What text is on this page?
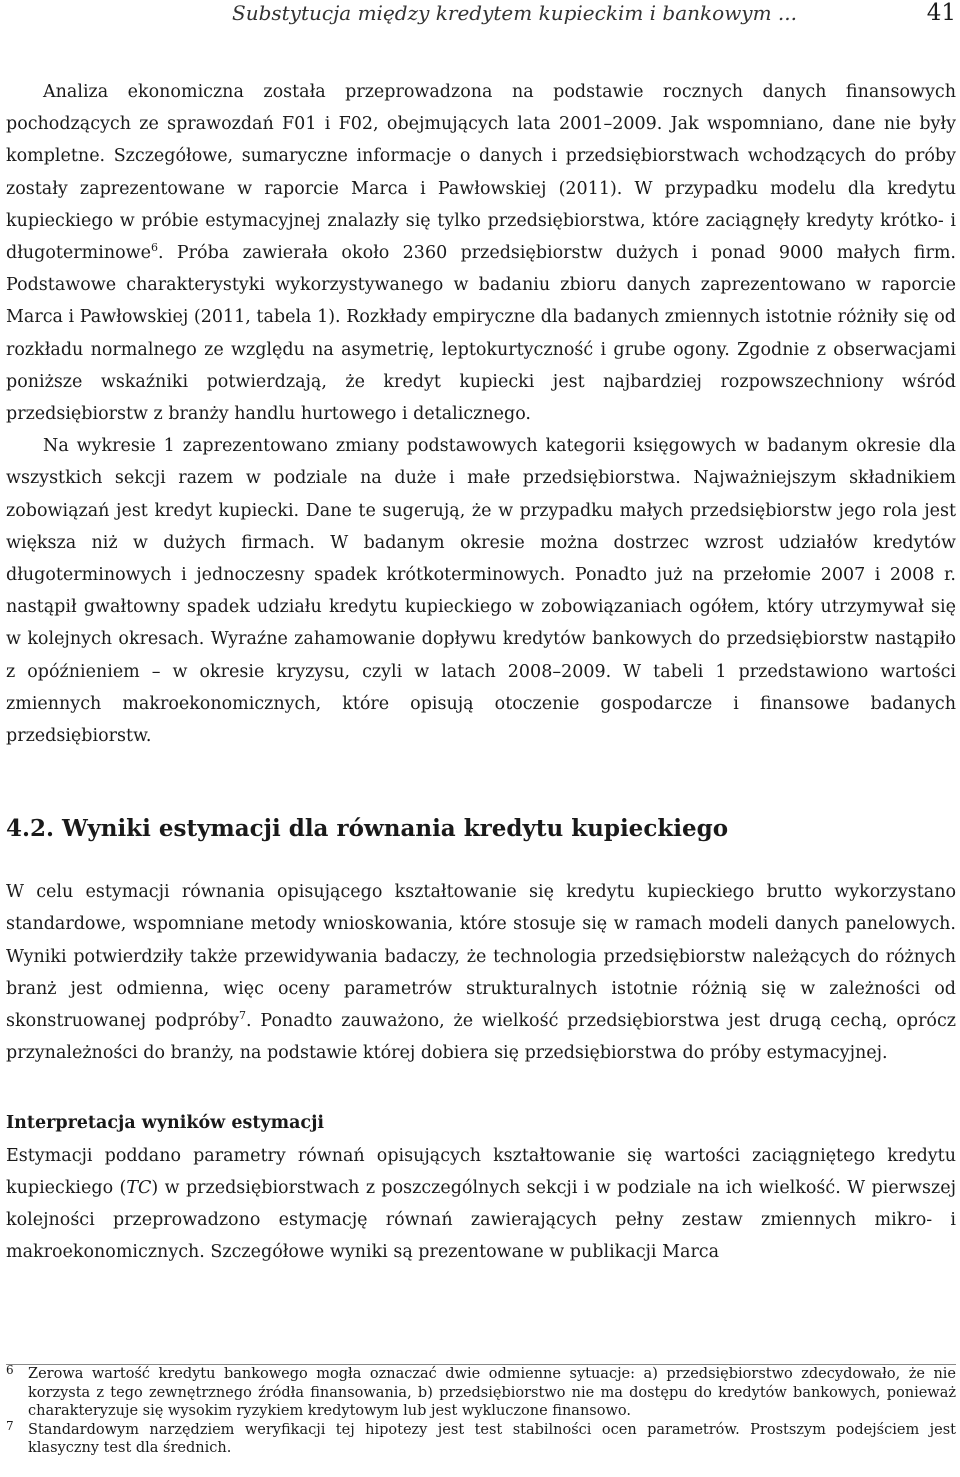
Substytucja między kredytem kupieckim i bankowym ...	41

Analiza ekonomiczna została przeprowadzona na podstawie rocznych danych finansowych pochodzących ze sprawozdań F01 i F02, obejmujących lata 2001–2009. Jak wspomniano, dane nie były kompletne. Szczegółowe, sumaryczne informacje o danych i przedsiębiorstwach wchodzących do próby zostały zaprezentowane w raporcie Marca i Pawłowskiej (2011). W przypadku modelu dla kredytu kupieckiego w próbie estymacyjnej znalazły się tylko przedsiębiorstwa, które zaciągnęły kredyty krótko- i długoterminowe$^6$. Próba zawierała około 2360 przedsiębiorstw dużych i ponad 9000 małych firm. Podstawowe charakterystyki wykorzystywanego w badaniu zbioru danych zaprezentowano w raporcie Marca i Pawłowskiej (2011, tabela 1). Rozkłady empiryczne dla badanych zmiennych istotnie różniły się od rozkładu normalnego ze względu na asymetrię, leptokurtyczność i grube ogony. Zgodnie z obserwacjami poniższe wskaźniki potwierdzają, że kredyt kupiecki jest najbardziej rozpowszechniony wśród przedsiębiorstw z branży handlu hurtowego i detalicznego.

Na wykresie 1 zaprezentowano zmiany podstawowych kategorii księgowych w badanym okresie dla wszystkich sekcji razem w podziale na duże i małe przedsiębiorstwa. Najważniejszym składnikiem zobowiązań jest kredyt kupiecki. Dane te sugerują, że w przypadku małych przedsiębiorstw jego rola jest większa niż w dużych firmach. W badanym okresie można dostrzec wzrost udziałów kredytów długoterminowych i jednoczesny spadek krótkoterminowych. Ponadto już na przełomie 2007 i 2008 r. nastąpił gwałtowny spadek udziału kredytu kupieckiego w zobowiązaniach ogółem, który utrzymywał się w kolejnych okresach. Wyraźne zahamowanie dopływu kredytów bankowych do przedsiębiorstw nastąpiło z opóźnieniem – w okresie kryzysu, czyli w latach 2008–2009. W tabeli 1 przedstawiono wartości zmiennych makroekonomicznych, które opisują otoczenie gospodarcze i finansowe badanych przedsiębiorstw.

4.2. Wyniki estymacji dla równania kredytu kupieckiego

W celu estymacji równania opisującego kształtowanie się kredytu kupieckiego brutto wykorzystano standardowe, wspomniane metody wnioskowania, które stosuje się w ramach modeli danych panelowych. Wyniki potwierdziły także przewidywania badaczy, że technologia przedsiębiorstw należących do różnych branż jest odmienna, więc oceny parametrów strukturalnych istotnie różnią się w zależności od skonstruowanej podpróby$^7$. Ponadto zauważono, że wielkość przedsiębiorstwa jest drugą cechą, oprócz przynależności do branży, na podstawie której dobiera się przedsiębiorstwa do próby estymacyjnej.

Interpretacja wyników estymacji

Estymacji poddano parametry równań opisujących kształtowanie się wartości zaciągniętego kredytu kupieckiego (TC) w przedsiębiorstwach z poszczególnych sekcji i w podziale na ich wielkość. W pierwszej kolejności przeprowadzono estymację równań zawierających pełny zestaw zmiennych mikro- i makroekonomicznych. Szczegółowe wyniki są prezentowane w publikacji Marca

6 Zerowa wartość kredytu bankowego mogła oznaczać dwie odmienne sytuacje: a) przedsiębiorstwo zdecydowało, że nie korzysta z tego zewnętrznego źródła finansowania, b) przedsiębiorstwo nie ma dostępu do kredytów bankowych, ponieważ charakteryzuje się wysokim ryzykiem kredytowym lub jest wykluczone finansowo.
7 Standardowym narzędziem weryfikacji tej hipotezy jest test stabilności ocen parametrów. Prostszym podejściem jest klasyczny test dla średnich.
